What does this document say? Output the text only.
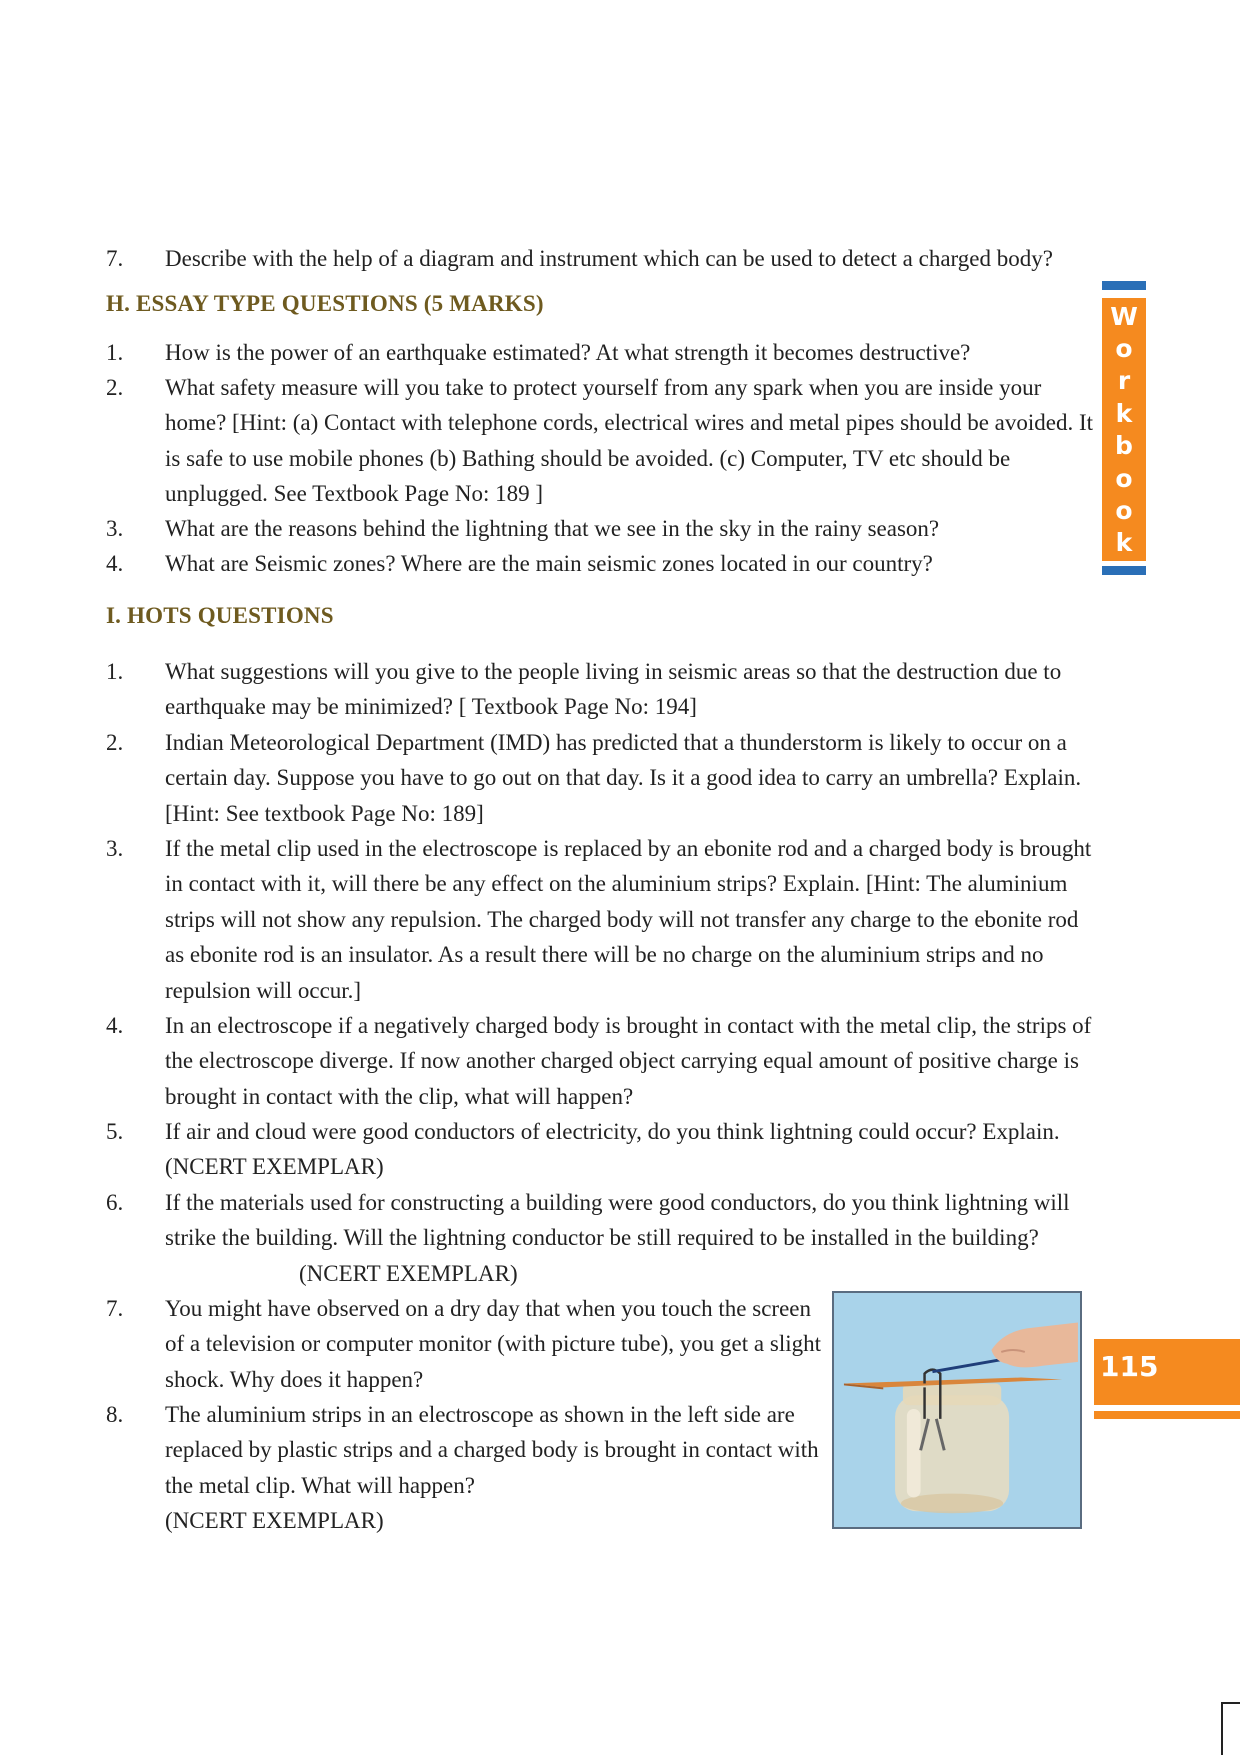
7. Describe with the help of a diagram and instrument which can be used to detect a charged body?
H. ESSAY TYPE QUESTIONS (5 MARKS)
1. How is the power of an earthquake estimated? At what strength it becomes destructive?
2. What safety measure will you take to protect yourself from any spark when you are inside your home? [Hint: (a) Contact with telephone cords, electrical wires and metal pipes should be avoided. It is safe to use mobile phones (b) Bathing should be avoided. (c) Computer, TV etc should be unplugged. See Textbook Page No: 189 ]
3. What are the reasons behind the lightning that we see in the sky in the rainy season?
4. What are Seismic zones? Where are the main seismic zones located in our country?
I. HOTS QUESTIONS
1. What suggestions will you give to the people living in seismic areas so that the destruction due to earthquake may be minimized? [ Textbook Page No: 194]
2. Indian Meteorological Department (IMD) has predicted that a thunderstorm is likely to occur on a certain day. Suppose you have to go out on that day. Is it a good idea to carry an umbrella? Explain. [Hint: See textbook Page No: 189]
3. If the metal clip used in the electroscope is replaced by an ebonite rod and a charged body is brought in contact with it, will there be any effect on the aluminium strips? Explain. [Hint: The aluminium strips will not show any repulsion. The charged body will not transfer any charge to the ebonite rod as ebonite rod is an insulator. As a result there will be no charge on the aluminium strips and no repulsion will occur.]
4. In an electroscope if a negatively charged body is brought in contact with the metal clip, the strips of the electroscope diverge. If now another charged object carrying equal amount of positive charge is brought in contact with the clip, what will happen?
5. If air and cloud were good conductors of electricity, do you think lightning could occur? Explain. (NCERT EXEMPLAR)
6. If the materials used for constructing a building were good conductors, do you think lightning will strike the building. Will the lightning conductor be still required to be installed in the building?(NCERT EXEMPLAR)
7. You might have observed on a dry day that when you touch the screen of a television or computer monitor (with picture tube), you get a slight shock. Why does it happen?
8. The aluminium strips in an electroscope as shown in the left side are replaced by plastic strips and a charged body is brought in contact with the metal clip. What will happen?
(NCERT EXEMPLAR)
W
o
r
k
b
o
o
k
115
